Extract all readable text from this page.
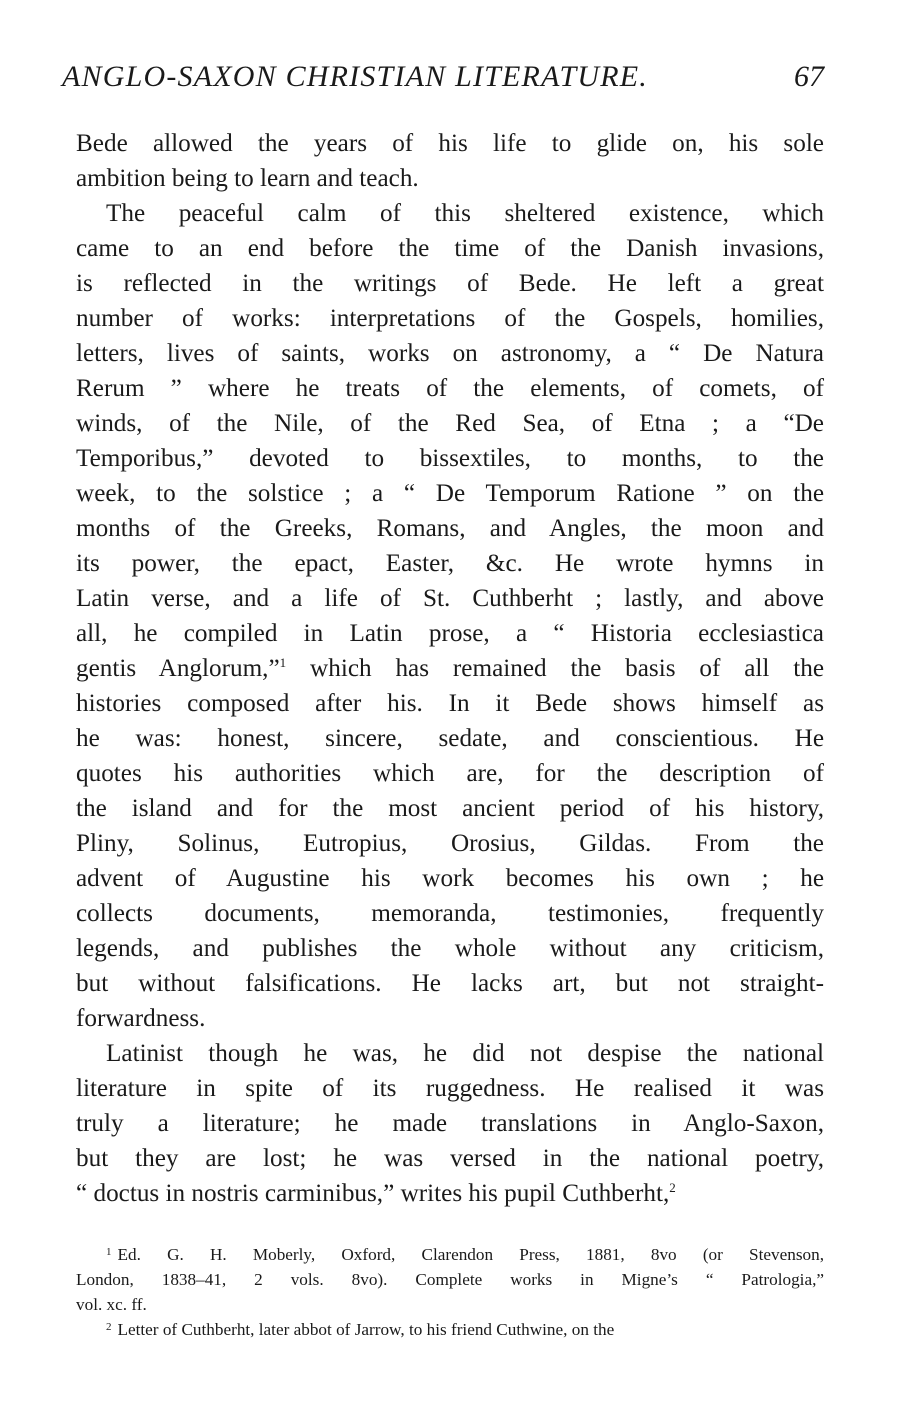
ANGLO-SAXON CHRISTIAN LITERATURE.	67
Bede allowed the years of his life to glide on, his sole
ambition being to learn and teach.
The peaceful calm of this sheltered existence, which
came to an end before the time of the Danish invasions,
is reflected in the writings of Bede. He left a great
number of works: interpretations of the Gospels, homilies,
letters, lives of saints, works on astronomy, a “ De Natura
Rerum ” where he treats of the elements, of comets, of
winds, of the Nile, of the Red Sea, of Etna ; a “De
Temporibus,” devoted to bissextiles, to months, to the
week, to the solstice ; a “ De Temporum Ratione ” on the
months of the Greeks, Romans, and Angles, the moon and
its power, the epact, Easter, &c. He wrote hymns in
Latin verse, and a life of St. Cuthberht ; lastly, and above
all, he compiled in Latin prose, a “ Historia ecclesiastica
gentis Anglorum,”$^1$ which has remained the basis of all the
histories composed after his. In it Bede shows himself as
he was: honest, sincere, sedate, and conscientious. He
quotes his authorities which are, for the description of
the island and for the most ancient period of his history,
Pliny, Solinus, Eutropius, Orosius, Gildas. From the
advent of Augustine his work becomes his own ; he
collects documents, memoranda, testimonies, frequently
legends, and publishes the whole without any criticism,
but without falsifications. He lacks art, but not straight-
forwardness.
Latinist though he was, he did not despise the national
literature in spite of its ruggedness. He realised it was
truly a literature; he made translations in Anglo-Saxon,
but they are lost; he was versed in the national poetry,
“ doctus in nostris carminibus,” writes his pupil Cuthberht,$^2$
$^1$ Ed. G. H. Moberly, Oxford, Clarendon Press, 1881, 8vo (or Stevenson,
London, 1838–41, 2 vols. 8vo). Complete works in Migne’s “ Patrologia,”
vol. xc. ff.
$^2$ Letter of Cuthberht, later abbot of Jarrow, to his friend Cuthwine, on the
